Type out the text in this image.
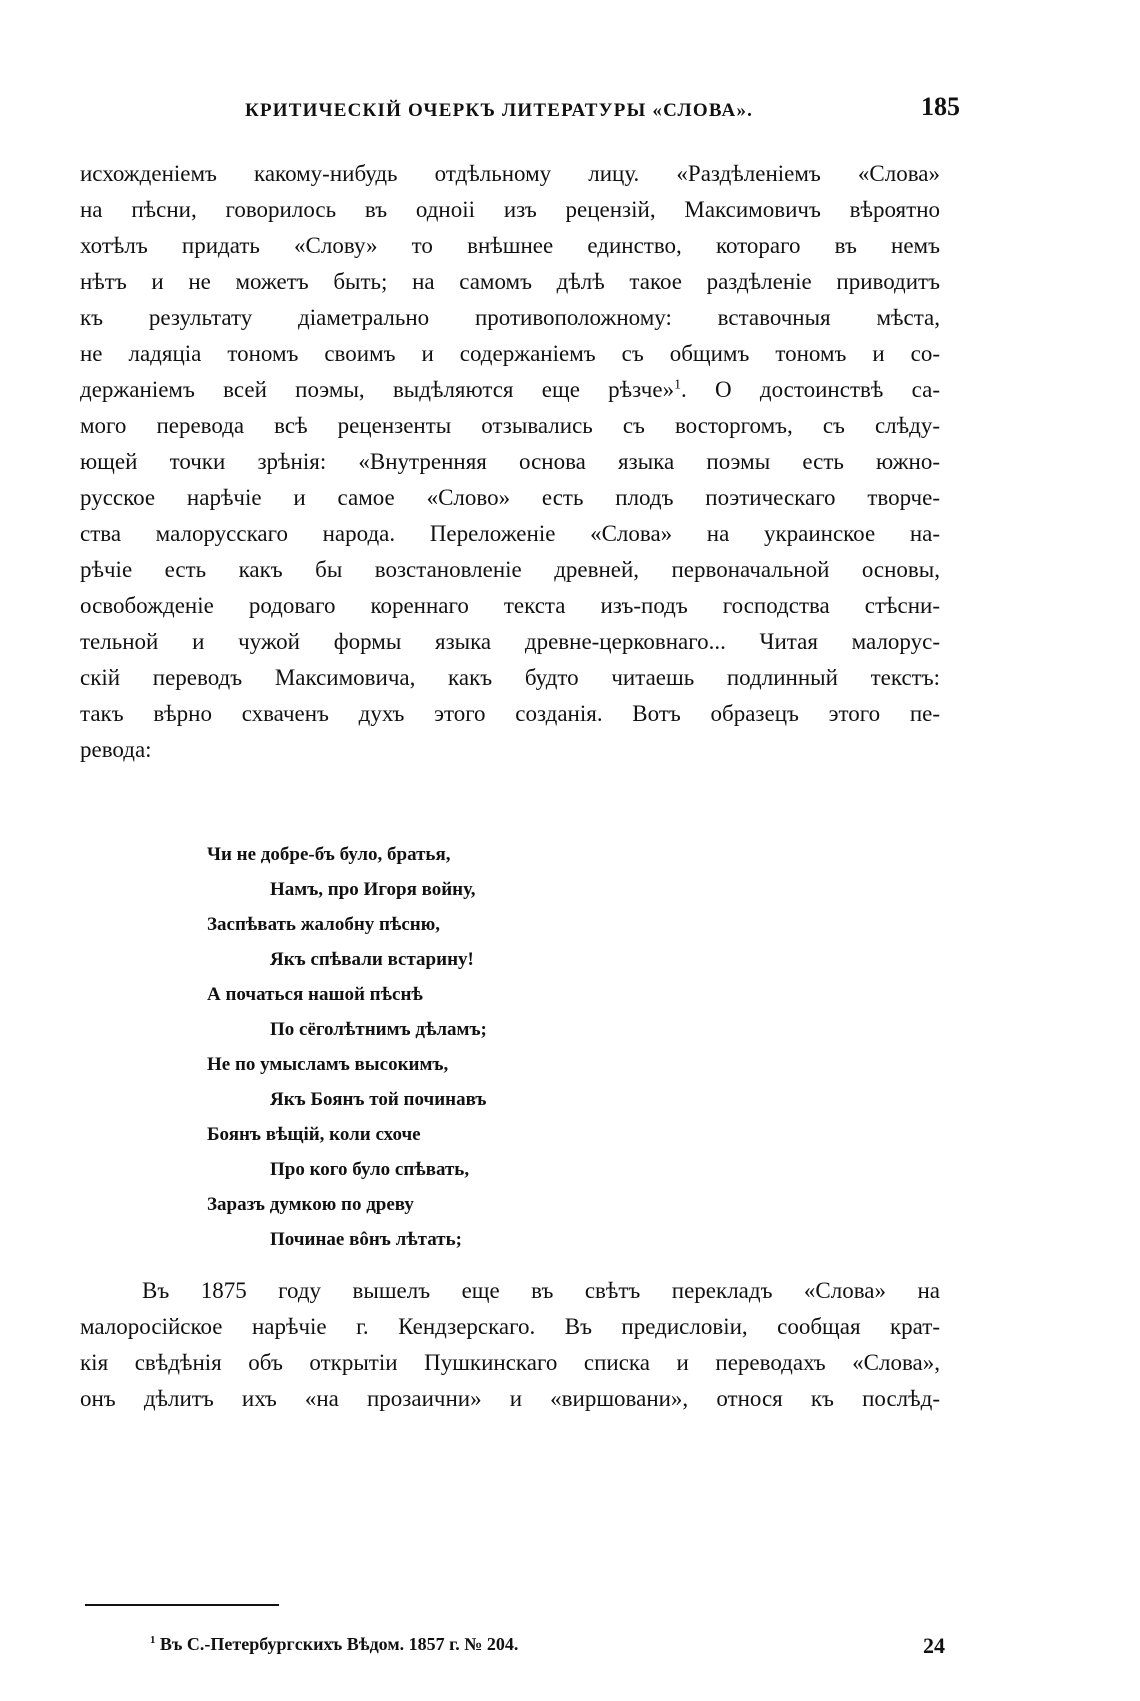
КРИТИЧЕСКІЙ ОЧЕРКЪ ЛИТЕРАТУРЫ «СЛОВА».	185
исхожденіемъ какому-нибудь отдѣльному лицу. «Раздѣленіемъ «Слова»
на пѣсни, говорилось въ одноіі изъ рецензій, Максимовичъ вѣроятно
хотѣлъ придать «Слову» то внѣшнее единство, котораго въ немъ
нѣтъ и не можетъ быть; на самомъ дѣлѣ такое раздѣленіе приводитъ
къ результату діаметрально противоположному: вставочныя мѣста,
не ладяціа тономъ своимъ и содержаніемъ съ общимъ тономъ и со-
держаніемъ всей поэмы, выдѣляются еще рѣзче»$^1$. О достоинствѣ са-
мого перевода всѣ рецензенты отзывались съ восторгомъ, съ слѣду-
ющей точки зрѣнія: «Внутренняя основа языка поэмы есть южно-
русское нарѣчіе и самое «Слово» есть плодъ поэтическаго творче-
ства малорусскаго народа. Переложеніе «Слова» на украинское на-
рѣчіе есть какъ бы возстановленіе древней, первоначальной основы,
освобожденіе родоваго кореннаго текста изъ-подъ господства стѣсни-
тельной и чужой формы языка древне-церковнаго... Читая малорус-
скій переводъ Максимовича, какъ будто читаешь подлинный текстъ:
такъ вѣрно схваченъ духъ этого созданія. Вотъ образецъ этого пе-
ревода:
Чи не добре-бъ було, братья,
Намъ, про Игоря войну,
Заспѣвать жалобну пѣсню,
Якъ спѣвали встарину!
А початься нашой пѣснѣ
По сёголѣтнимъ дѣламъ;
Не по умысламъ высокимъ,
Якъ Боянъ той починавъ
Боянъ вѣщій, коли схоче
Про кого було спѣвать,
Заразъ думкою по древу
Починае вôнъ лѣтать;
Въ 1875 году вышелъ еще въ свѣтъ перекладъ «Слова» на
малоросійское нарѣчіе г. Кендзерскаго. Въ предисловіи, сообщая крат-
кія свѣдѣнія объ открытіи Пушкинскаго списка и переводахъ «Слова»,
онъ дѣлитъ ихъ «на прозаични» и «виршовани», относя къ послѣд-
$^1$ Въ С.-Петербургскихъ Вѣдом. 1857 г. № 204.	24
